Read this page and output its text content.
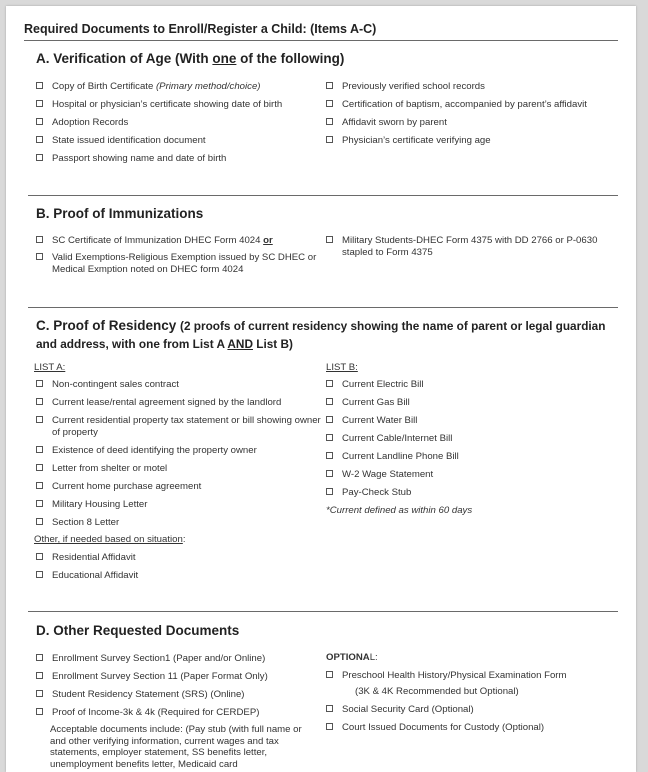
Required Documents to Enroll/Register a Child: (Items A-C)
A. Verification of Age (With one of the following)
Copy of Birth Certificate (Primary method/choice)
Hospital or physician’s certificate showing date of birth
Adoption Records
State issued identification document
Passport showing name and date of birth
Previously verified school records
Certification of baptism, accompanied by parent’s affidavit
Affidavit sworn by parent
Physician’s certificate verifying age
B. Proof of Immunizations
SC Certificate of Immunization DHEC Form 4024 or
Valid Exemptions-Religious Exemption issued by SC DHEC or Medical Exmption noted on DHEC form 4024
Military Students-DHEC Form 4375 with DD 2766 or P-0630 stapled to Form 4375
C. Proof of Residency (2 proofs of current residency showing the name of parent or legal guardian and address, with one from List A AND List B)
LIST A:	LIST B:
Non-contingent sales contract
Current lease/rental agreement signed by the landlord
Current residential property tax statement or bill showing owner of property
Existence of deed identifying the property owner
Letter from shelter or motel
Current home purchase agreement
Military Housing Letter
Section 8 Letter
Other, if needed based on situation:
Residential Affidavit
Educational Affidavit
Current Electric Bill
Current Gas Bill
Current Water Bill
Current Cable/Internet Bill
Current Landline Phone Bill
W-2 Wage Statement
Pay-Check Stub
*Current defined as within 60 days
D. Other Requested Documents
Enrollment Survey Section1 (Paper and/or Online)
Enrollment Survey Section 11 (Paper Format Only)
Student Residency Statement (SRS) (Online)
Proof of Income-3k & 4k (Required for CERDEP)
Acceptable documents include: (Pay stub (with full name or and other verifying information, current wages and tax statements, employer statement, SS benefits letter, unemployment benefits letter, Medicaid card
OPTIONAL:
Preschool Health History/Physical Examination Form
(3K & 4K Recommended but Optional)
Social Security Card (Optional)
Court Issued Documents for Custody (Optional)
